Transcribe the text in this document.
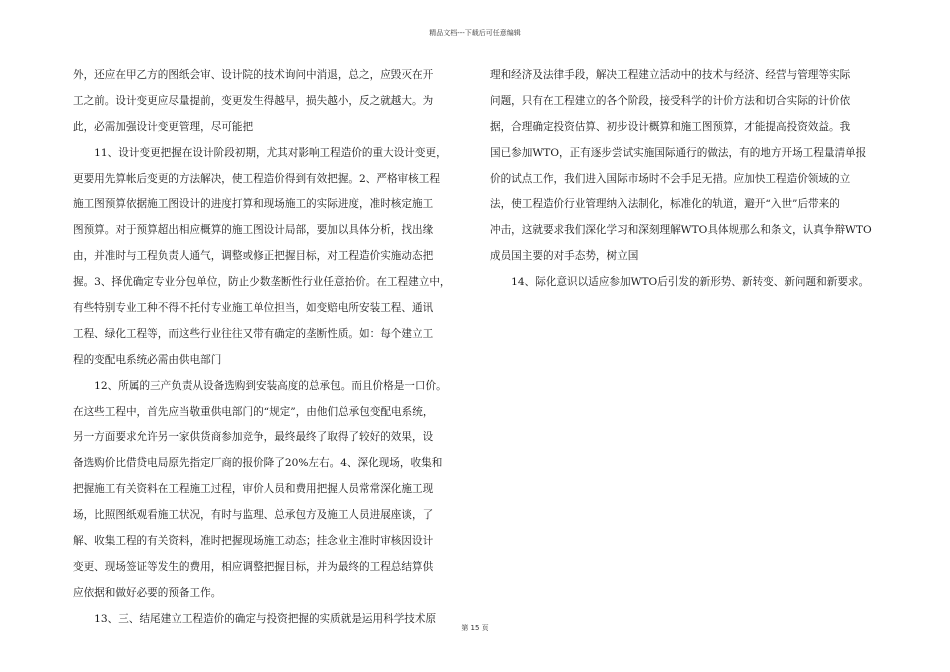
精品文档---下载后可任意编辑
外，还应在甲乙方的图纸会审、设计院的技术询问中消退，总之，应毁灭在开
工之前。设计变更应尽量提前，变更发生得越早，损失越小，反之就越大。为
此，必需加强设计变更管理，尽可能把
　　11、设计变更把握在设计阶段初期，尤其对影响工程造价的重大设计变更，
更要用先算帐后变更的方法解决，使工程造价得到有效把握。2、严格审核工程
施工图预算依据施工图设计的进度打算和现场施工的实际进度，准时核定施工
图预算。对于预算超出相应概算的施工图设计局部，要加以具体分析，找出缘
由，并准时与工程负责人通气，调整或修正把握目标，对工程造价实施动态把
握。3、择优确定专业分包单位，防止少数垄断性行业任意抬价。在工程建立中，
有些特别专业工种不得不托付专业施工单位担当，如变赔电所安装工程、通讯
工程、绿化工程等，而这些行业往往又带有确定的垄断性质。如：每个建立工
程的变配电系统必需由供电部门
　　12、所属的三产负责从设备选购到安装高度的总承包。而且价格是一口价。
在这些工程中，首先应当敬重供电部门的“规定”，由他们总承包变配电系统，
另一方面要求允许另一家供货商参加竞争，最终最终了取得了较好的效果，设
备选购价比借贷电局原先指定厂商的报价降了20%左右。4、深化现场，收集和
把握施工有关资料在工程施工过程，审价人员和费用把握人员常常深化施工现
场，比照图纸观看施工状况，有时与监理、总承包方及施工人员进展座谈，了
解、收集工程的有关资料，准时把握现场施工动态；挂念业主准时审核因设计
变更、现场签证等发生的费用，相应调整把握目标，并为最终的工程总结算供
应依据和做好必要的预备工作。
　　13、三、结尾建立工程造价的确定与投资把握的实质就是运用科学技术原
理和经济及法律手段，解决工程建立活动中的技术与经济、经营与管理等实际
问题，只有在工程建立的各个阶段，接受科学的计价方法和切合实际的计价依
据，合理确定投资估算、初步设计概算和施工图预算，才能提高投资效益。我
国已参加WTO，正有逐步尝试实施国际通行的做法，有的地方开场工程量清单报
价的试点工作，我们进入国际市场时不会手足无措。应加快工程造价领域的立
法，使工程造价行业管理纳入法制化，标准化的轨道，避开“入世”后带来的
冲击，这就要求我们深化学习和深刻理解WTO具体规那么和条文，认真争辩WTO
成员国主要的对手态势，树立国
　　14、际化意识以适应参加WTO后引发的新形势、新转变、新问题和新要求。
第 15 页
